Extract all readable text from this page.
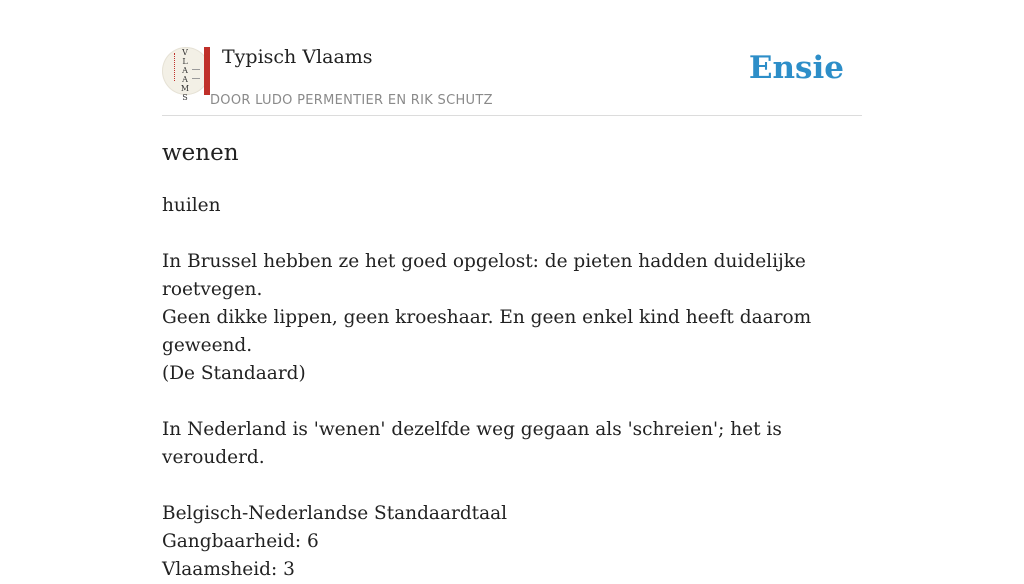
V
L
A
A
M
S
Typisch Vlaams
DOOR LUDO PERMENTIER EN RIK SCHUTZ
Ensie
wenen

huilen

In Brussel hebben ze het goed opgelost: de pieten hadden duidelijke roetvegen.

Geen dikke lippen, geen kroeshaar. En geen enkel kind heeft daarom geweend.

(De Standaard)

In Nederland is 'wenen' dezelfde weg gegaan als 'schreien'; het is verouderd.

Belgisch-Nederlandse Standaardtaal

Gangbaarheid: 6

Vlaamsheid: 3
